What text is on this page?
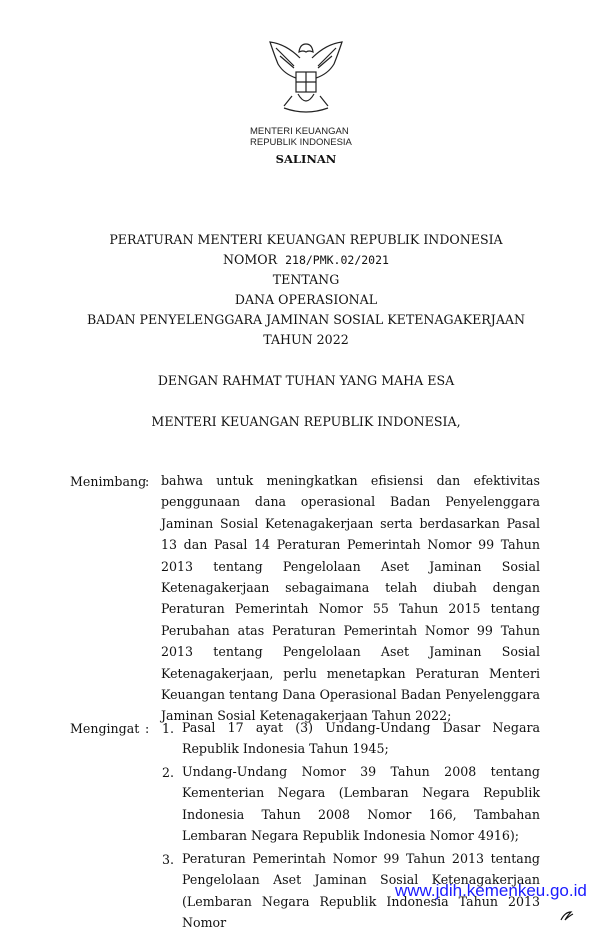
MENTERI KEUANGAN
REPUBLIK INDONESIA
SALINAN
PERATURAN MENTERI KEUANGAN REPUBLIK INDONESIA
NOMOR 218/PMK.02/2021
TENTANG
DANA OPERASIONAL
BADAN PENYELENGGARA JAMINAN SOSIAL KETENAGAKERJAAN
TAHUN 2022
DENGAN RAHMAT TUHAN YANG MAHA ESA
MENTERI KEUANGAN REPUBLIK INDONESIA,
Menimbang
: bahwa untuk meningkatkan efisiensi dan efektivitas penggunaan dana operasional Badan Penyelenggara Jaminan Sosial Ketenagakerjaan serta berdasarkan Pasal 13 dan Pasal 14 Peraturan Pemerintah Nomor 99 Tahun 2013 tentang Pengelolaan Aset Jaminan Sosial Ketenagakerjaan sebagaimana telah diubah dengan Peraturan Pemerintah Nomor 55 Tahun 2015 tentang Perubahan atas Peraturan Pemerintah Nomor 99 Tahun 2013 tentang Pengelolaan Aset Jaminan Sosial Ketenagakerjaan, perlu menetapkan Peraturan Menteri Keuangan tentang Dana Operasional Badan Penyelenggara Jaminan Sosial Ketenagakerjaan Tahun 2022;
Mengingat : 1. Pasal 17 ayat (3) Undang-Undang Dasar Negara Republik Indonesia Tahun 1945;
2. Undang-Undang Nomor 39 Tahun 2008 tentang Kementerian Negara (Lembaran Negara Republik Indonesia Tahun 2008 Nomor 166, Tambahan Lembaran Negara Republik Indonesia Nomor 4916);
3. Peraturan Pemerintah Nomor 99 Tahun 2013 tentang Pengelolaan Aset Jaminan Sosial Ketenagakerjaan (Lembaran Negara Republik Indonesia Tahun 2013 Nomor
www.jdih.kemenkeu.go.id
